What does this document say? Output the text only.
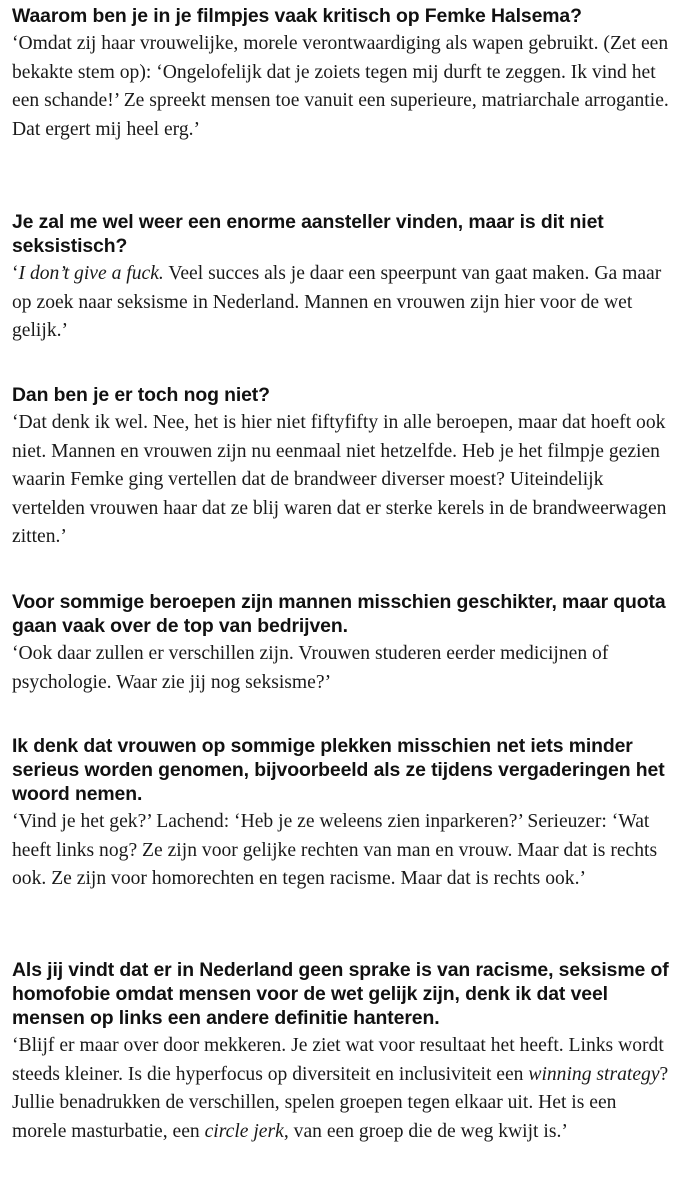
Waarom ben je in je filmpjes vaak kritisch op Femke Halsema?

‘Omdat zij haar vrouwelijke, morele verontwaardiging als wapen gebruikt. (Zet een bekakte stem op): ‘Ongelofelijk dat je zoiets tegen mij durft te zeggen. Ik vind het een schande!’ Ze spreekt mensen toe vanuit een superieure, matriarchale arrogantie. Dat ergert mij heel erg.’

Je zal me wel weer een enorme aansteller vinden, maar is dit niet seksistisch?

‘I don’t give a fuck. Veel succes als je daar een speerpunt van gaat maken. Ga maar op zoek naar seksisme in Nederland. Mannen en vrouwen zijn hier voor de wet gelijk.’

Dan ben je er toch nog niet?

‘Dat denk ik wel. Nee, het is hier niet fiftyfifty in alle beroepen, maar dat hoeft ook niet. Mannen en vrouwen zijn nu eenmaal niet hetzelfde. Heb je het filmpje gezien waarin Femke ging vertellen dat de brandweer diverser moest? Uiteindelijk vertelden vrouwen haar dat ze blij waren dat er sterke kerels in de brandweerwagen zitten.’

Voor sommige beroepen zijn mannen misschien geschikter, maar quota gaan vaak over de top van bedrijven.

‘Ook daar zullen er verschillen zijn. Vrouwen studeren eerder medicijnen of psychologie. Waar zie jij nog seksisme?’

Ik denk dat vrouwen op sommige plekken misschien net iets minder serieus worden genomen, bijvoorbeeld als ze tijdens vergaderingen het woord nemen.

‘Vind je het gek?’ Lachend: ‘Heb je ze weleens zien inparkeren?’ Serieuzer: ‘Wat heeft links nog? Ze zijn voor gelijke rechten van man en vrouw. Maar dat is rechts ook. Ze zijn voor homorechten en tegen racisme. Maar dat is rechts ook.’

Als jij vindt dat er in Nederland geen sprake is van racisme, seksisme of homofobie omdat mensen voor de wet gelijk zijn, denk ik dat veel mensen op links een andere definitie hanteren.

‘Blijf er maar over door mekkeren. Je ziet wat voor resultaat het heeft. Links wordt steeds kleiner. Is die hyperfocus op diversiteit en inclusiviteit een winning strategy? Jullie benadrukken de verschillen, spelen groepen tegen elkaar uit. Het is een morele masturbatie, een circle jerk, van een groep die de weg kwijt is.’
